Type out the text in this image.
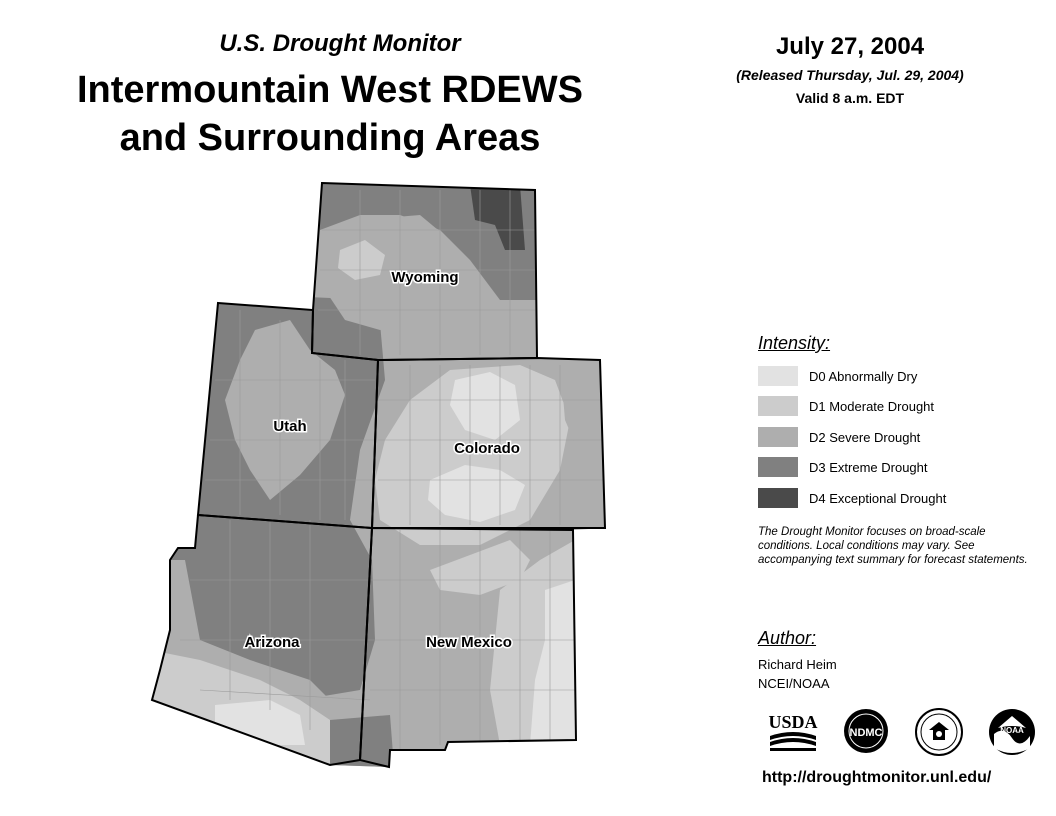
U.S. Drought Monitor
Intermountain West RDEWS
and Surrounding Areas
July 27, 2004
(Released Thursday, Jul. 29, 2004)
Valid 8 a.m. EDT
Wyoming
Utah
Colorado
Arizona	New Mexico
Intensity:
D0 Abnormally Dry
D1 Moderate Drought
D2 Severe Drought
D3 Extreme Drought
D4 Exceptional Drought
The Drought Monitor focuses on broad-scale conditions. Local conditions may vary. See accompanying text summary for forecast statements.
Author:
Richard Heim
NCEI/NOAA
USDA
NDMC	NOAA
http://droughtmonitor.unl.edu/
